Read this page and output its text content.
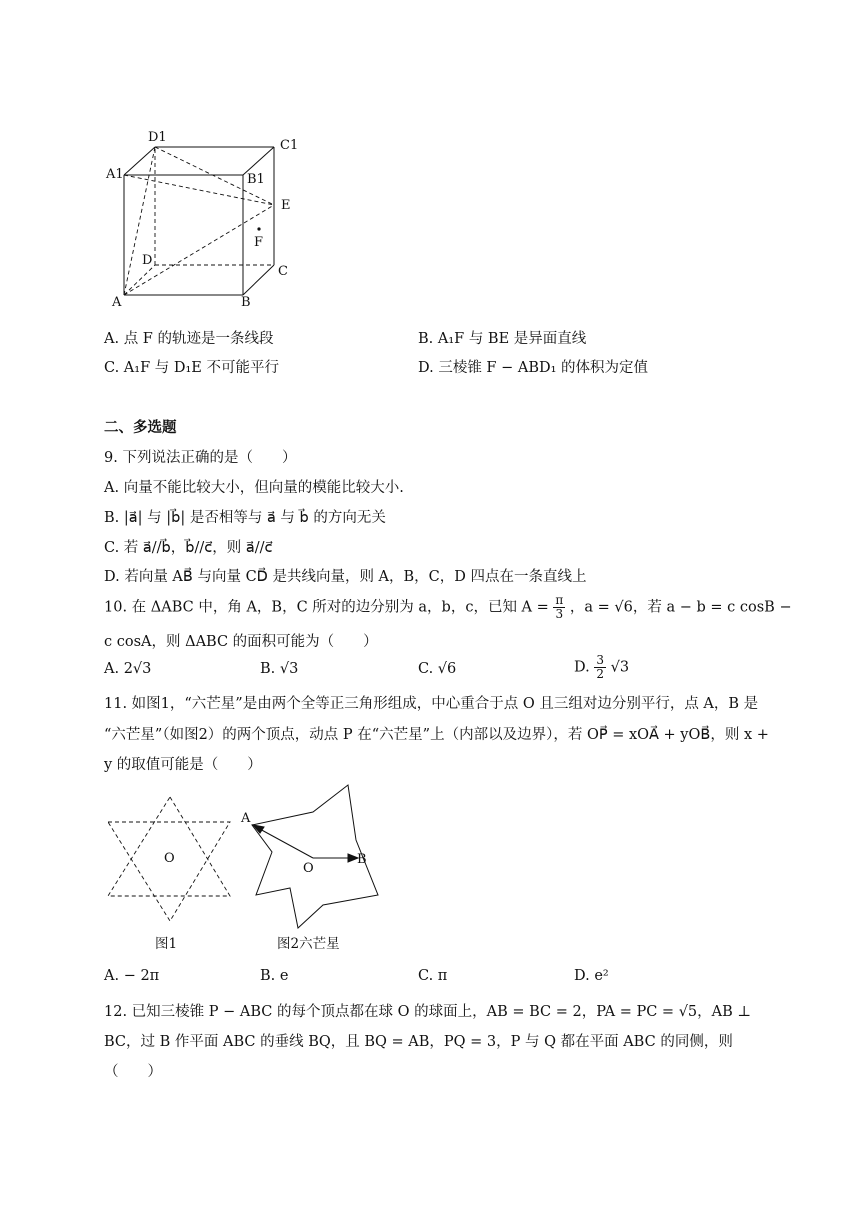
D1
C1
A1	B1
E
F
D
C
A	B
A. 点 F 的轨迹是一条线段	B. A₁F 与 BE 是异面直线
C. A₁F 与 D₁E 不可能平行	D. 三棱锥 F − ABD₁ 的体积为定值
二、多选题
9. 下列说法正确的是（　　）
A. 向量不能比较大小，但向量的模能比较大小.
B. |a⃗| 与 |b⃗| 是否相等与 a⃗ 与 b⃗ 的方向无关
C. 若 a⃗//b⃗，b⃗//c⃗，则 a⃗//c⃗
D. 若向量 AB⃗ 与向量 CD⃗ 是共线向量，则 A，B，C，D 四点在一条直线上
10. 在 ΔABC 中，角 A，B，C 所对的边分别为 a，b，c，已知 $A = \frac{\pi}{3}$ ，a = √6，若 a − b = c cosB −
c cosA，则 ΔABC 的面积可能为（　　）
A. 2√3	B. √3	C. √6	D. $\frac{3}{2} √3$
11. 如图1，“六芒星”是由两个全等正三角形组成，中心重合于点 O 且三组对边分别平行，点 A，B 是
“六芒星”（如图2）的两个顶点，动点 P 在“六芒星”上（内部以及边界），若 OP⃗ = xOA⃗ + yOB⃗，则 x +
y 的取值可能是（　　）
O
图1
A
O
B
图2六芒星
A. − 2π	B. e	C. π	D. e²
12. 已知三棱锥 P − ABC 的每个顶点都在球 O 的球面上，AB = BC = 2，PA = PC = √5，AB ⊥
BC，过 B 作平面 ABC 的垂线 BQ，且 BQ = AB，PQ = 3，P 与 Q 都在平面 ABC 的同侧，则
（　　）
